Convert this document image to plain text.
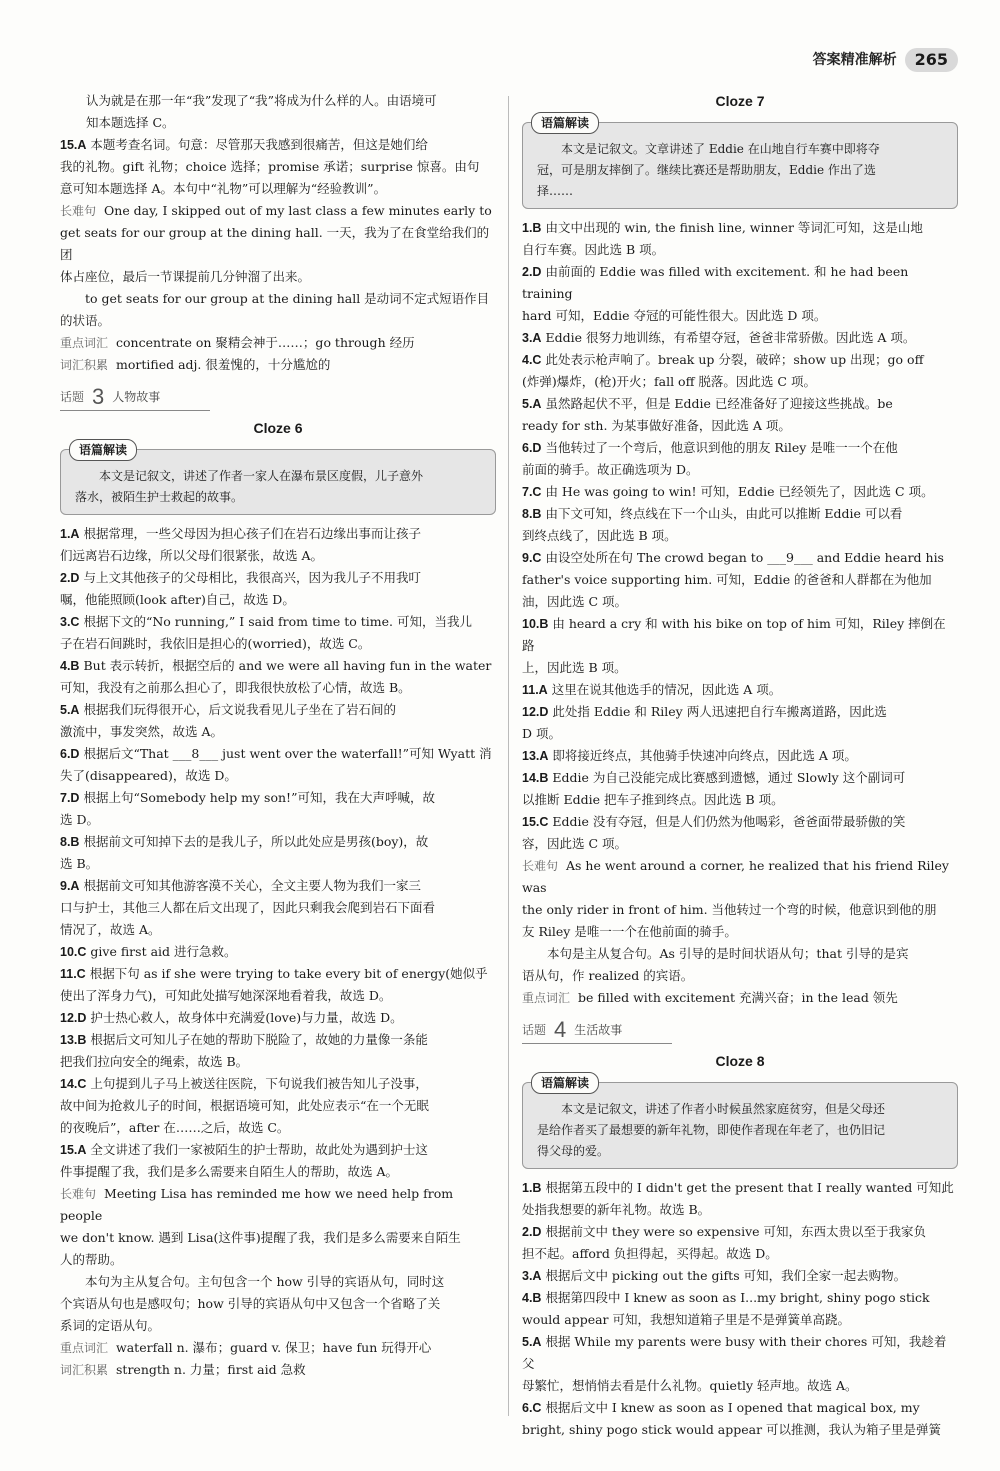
答案精准解析	265

认为就是在那一年“我”发现了“我”将成为什么样的人。由语境可

知本题选择 C。

15.A 本题考查名词。句意：尽管那天我感到很痛苦，但这是她们给

我的礼物。gift 礼物；choice 选择；promise 承诺；surprise 惊喜。由句

意可知本题选择 A。本句中“礼物”可以理解为“经验教训”。

长难句 One day, I skipped out of my last class a few minutes early to

get seats for our group at the dining hall. 一天，我为了在食堂给我们的团

体占座位，最后一节课提前几分钟溜了出来。

to get seats for our group at the dining hall 是动词不定式短语作目

的状语。

重点词汇 concentrate on 聚精会神于……；go through 经历

词汇积累 mortified adj. 很羞愧的，十分尴尬的

话题 3 人物故事
Cloze 6
语篇解读

本文是记叙文，讲述了作者一家人在瀑布景区度假，儿子意外

落水，被陌生护士救起的故事。

1.A 根据常理，一些父母因为担心孩子们在岩石边缘出事而让孩子

们远离岩石边缘，所以父母们很紧张，故选 A。

2.D 与上文其他孩子的父母相比，我很高兴，因为我儿子不用我叮

嘱，他能照顾(look after)自己，故选 D。

3.C 根据下文的“No running,” I said from time to time. 可知，当我儿

子在岩石间跳时，我依旧是担心的(worried)，故选 C。

4.B But 表示转折，根据空后的 and we were all having fun in the water

可知，我没有之前那么担心了，即我很快放松了心情，故选 B。

5.A 根据我们玩得很开心，后文说我看见儿子坐在了岩石间的

激流中，事发突然，故选 A。

6.D 根据后文“That ___8___ just went over the waterfall!”可知 Wyatt 消

失了(disappeared)，故选 D。

7.D 根据上句“Somebody help my son!”可知，我在大声呼喊，故

选 D。

8.B 根据前文可知掉下去的是我儿子，所以此处应是男孩(boy)，故

选 B。

9.A 根据前文可知其他游客漠不关心，全文主要人物为我们一家三

口与护士，其他三人都在后文出现了，因此只剩我会爬到岩石下面看

情况了，故选 A。

10.C give first aid 进行急救。

11.C 根据下句 as if she were trying to take every bit of energy(她似乎

使出了浑身力气)，可知此处描写她深深地看着我，故选 D。

12.D 护士热心救人，故身体中充满爱(love)与力量，故选 D。

13.B 根据后文可知儿子在她的帮助下脱险了，故她的力量像一条能

把我们拉向安全的绳索，故选 B。

14.C 上句提到儿子马上被送往医院，下句说我们被告知儿子没事，

故中间为抢救儿子的时间，根据语境可知，此处应表示“在一个无眠

的夜晚后”，after 在……之后，故选 C。

15.A 全文讲述了我们一家被陌生的护士帮助，故此处为遇到护士这

件事提醒了我，我们是多么需要来自陌生人的帮助，故选 A。

长难句 Meeting Lisa has reminded me how we need help from people

we don't know. 遇到 Lisa(这件事)提醒了我，我们是多么需要来自陌生

人的帮助。

本句为主从复合句。主句包含一个 how 引导的宾语从句，同时这

个宾语从句也是感叹句；how 引导的宾语从句中又包含一个省略了关

系词的定语从句。

重点词汇 waterfall n. 瀑布；guard v. 保卫；have fun 玩得开心

词汇积累 strength n. 力量；first aid 急救

Cloze 7
语篇解读

本文是记叙文。文章讲述了 Eddie 在山地自行车赛中即将夺

冠，可是朋友摔倒了。继续比赛还是帮助朋友，Eddie 作出了选

择……

1.B 由文中出现的 win, the finish line, winner 等词汇可知，这是山地

自行车赛。因此选 B 项。

2.D 由前面的 Eddie was filled with excitement. 和 he had been training

hard 可知，Eddie 夺冠的可能性很大。因此选 D 项。

3.A Eddie 很努力地训练，有希望夺冠，爸爸非常骄傲。因此选 A 项。

4.C 此处表示枪声响了。break up 分裂，破碎；show up 出现；go off

(炸弹)爆炸，(枪)开火；fall off 脱落。因此选 C 项。

5.A 虽然路起伏不平，但是 Eddie 已经准备好了迎接这些挑战。be

ready for sth. 为某事做好准备，因此选 A 项。

6.D 当他转过了一个弯后，他意识到他的朋友 Riley 是唯一一个在他

前面的骑手。故正确选项为 D。

7.C 由 He was going to win! 可知，Eddie 已经领先了，因此选 C 项。

8.B 由下文可知，终点线在下一个山头，由此可以推断 Eddie 可以看

到终点线了，因此选 B 项。

9.C 由设空处所在句 The crowd began to ___9___ and Eddie heard his

father's voice supporting him. 可知，Eddie 的爸爸和人群都在为他加

油，因此选 C 项。

10.B 由 heard a cry 和 with his bike on top of him 可知，Riley 摔倒在路

上，因此选 B 项。

11.A 这里在说其他选手的情况，因此选 A 项。

12.D 此处指 Eddie 和 Riley 两人迅速把自行车搬离道路，因此选

D 项。

13.A 即将接近终点，其他骑手快速冲向终点，因此选 A 项。

14.B Eddie 为自己没能完成比赛感到遗憾，通过 Slowly 这个副词可

以推断 Eddie 把车子推到终点。因此选 B 项。

15.C Eddie 没有夺冠，但是人们仍然为他喝彩，爸爸面带最骄傲的笑

容，因此选 C 项。

长难句 As he went around a corner, he realized that his friend Riley was

the only rider in front of him. 当他转过一个弯的时候，他意识到他的朋

友 Riley 是唯一一个在他前面的骑手。

本句是主从复合句。As 引导的是时间状语从句；that 引导的是宾

语从句，作 realized 的宾语。

重点词汇 be filled with excitement 充满兴奋；in the lead 领先

话题 4 生活故事
Cloze 8
语篇解读

本文是记叙文，讲述了作者小时候虽然家庭贫穷，但是父母还

是给作者买了最想要的新年礼物，即使作者现在年老了，也仍旧记

得父母的爱。

1.B 根据第五段中的 I didn't get the present that I really wanted 可知此

处指我想要的新年礼物。故选 B。

2.D 根据前文中 they were so expensive 可知，东西太贵以至于我家负

担不起。afford 负担得起，买得起。故选 D。

3.A 根据后文中 picking out the gifts 可知，我们全家一起去购物。

4.B 根据第四段中 I knew as soon as I...my bright, shiny pogo stick

would appear 可知，我想知道箱子里是不是弹簧单高跷。

5.A 根据 While my parents were busy with their chores 可知，我趁着父

母繁忙，想悄悄去看是什么礼物。quietly 轻声地。故选 A。

6.C 根据后文中 I knew as soon as I opened that magical box, my

bright, shiny pogo stick would appear 可以推测，我认为箱子里是弹簧
